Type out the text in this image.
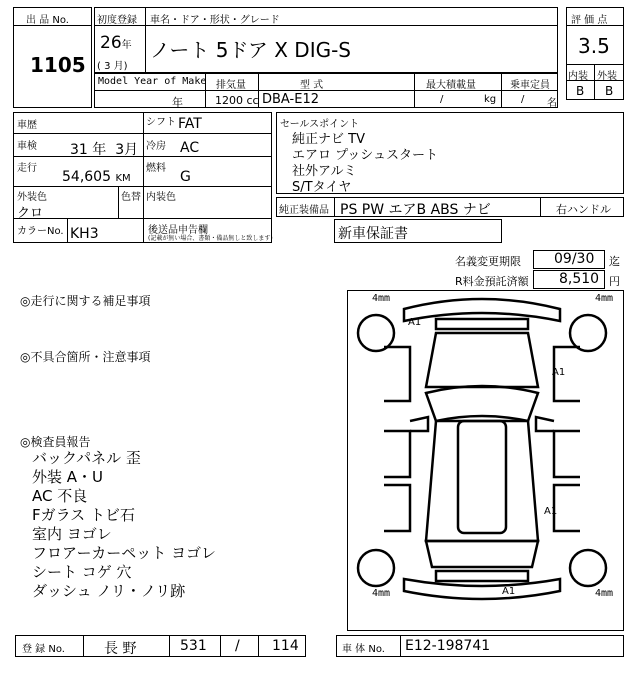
出 品 No.
1105
初度登録
26年
( 3 月)
車名・ドア・形状・グレード
ノート 5ドア X DIG-S
評 価 点
3.5
内装 外装
B B
Model Year of Make
年
排気量
1200 cc
型 式
DBA-E12
最大積載量
/	kg
乗車定員
/ 名
車歴	シフト FAT
車検 31 年 3月 冷房 AC
走行
54,605 KM
燃料
G
外装色	色替 内装色
クロ
カラーNo. KH3	後送品申告欄
(記載が無い場合、書類・備品無しと致します)
セールスポイント
純正ナビ TV
エアロ プッシュスタート
社外アルミ
S/Tタイヤ
純正装備品 PS PW エアB ABS ナビ	右ハンドル
新車保証書
名義変更期限 09/30 迄
R料金預託済額 8,510 円
◎走行に関する補足事項
◎不具合箇所・注意事項
◎検査員報告
バックパネル 歪
外装 A・U
AC 不良
Fガラス トビ石
室内 ヨゴレ
フロアーカーペット ヨゴレ
シート コゲ 穴
ダッシュ ノリ・ノリ跡
4mm	4mm
4mm	4mm
A1
A1
A1
A1
登 録 No.	長 野	531 / 114	車 体 No. E12-198741
